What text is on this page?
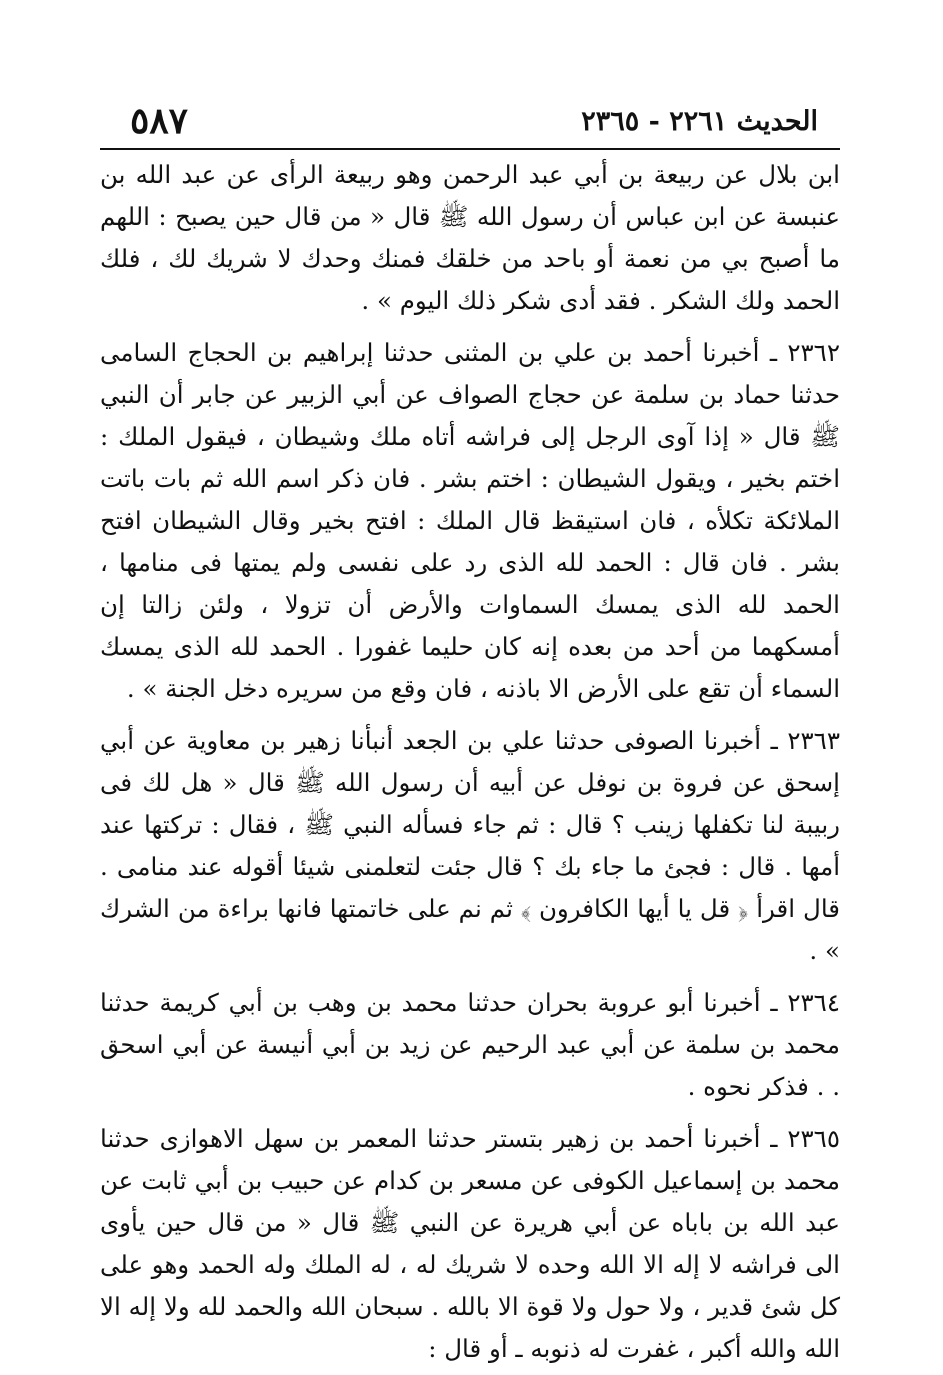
الحديث ٢٢٦١ - ٢٣٦٥
٥٨٧

ابن بلال عن ربيعة بن أبي عبد الرحمن وهو ربيعة الرأى عن عبد الله بن عنبسة عن ابن عباس أن رسول الله ﷺ قال « من قال حين يصبح : اللهم ما أصبح بي من نعمة أو باحد من خلقك فمنك وحدك لا شريك لك ، فلك الحمد ولك الشكر . فقد أدى شكر ذلك اليوم » .

٢٣٦٢ ـ أخبرنا أحمد بن علي بن المثنى حدثنا إبراهيم بن الحجاج السامى حدثنا حماد بن سلمة عن حجاج الصواف عن أبي الزبير عن جابر أن النبي ﷺ قال « إذا آوى الرجل إلى فراشه أتاه ملك وشيطان ، فيقول الملك : اختم بخير ، ويقول الشيطان : اختم بشر . فان ذكر اسم الله ثم بات باتت الملائكة تكلأه ، فان استيقظ قال الملك : افتح بخير وقال الشيطان افتح بشر . فان قال : الحمد لله الذى رد على نفسى ولم يمتها فى منامها ، الحمد لله الذى يمسك السماوات والأرض أن تزولا ، ولئن زالتا إن أمسكهما من أحد من بعده إنه كان حليما غفورا . الحمد لله الذى يمسك السماء أن تقع على الأرض الا باذنه ، فان وقع من سريره دخل الجنة » .

٢٣٦٣ ـ أخبرنا الصوفى حدثنا علي بن الجعد أنبأنا زهير بن معاوية عن أبي إسحق عن فروة بن نوفل عن أبيه أن رسول الله ﷺ قال « هل لك فى ربيبة لنا تكفلها زينب ؟ قال : ثم جاء فسأله النبي ﷺ ، فقال : تركتها عند أمها . قال : فجئ ما جاء بك ؟ قال جئت لتعلمنى شيئا أقوله عند منامى . قال اقرأ ﴿ قل يا أيها الكافرون ﴾ ثم نم على خاتمتها فانها براءة من الشرك » .

٢٣٦٤ ـ أخبرنا أبو عروبة بحران حدثنا محمد بن وهب بن أبي كريمة حدثنا محمد بن سلمة عن أبي عبد الرحيم عن زيد بن أبي أنيسة عن أبي اسحق . . فذكر نحوه .

٢٣٦٥ ـ أخبرنا أحمد بن زهير بتستر حدثنا المعمر بن سهل الاهوازى حدثنا محمد بن إسماعيل الكوفى عن مسعر بن كدام عن حبيب بن أبي ثابت عن عبد الله بن باباه عن أبي هريرة عن النبي ﷺ قال « من قال حين يأوى الى فراشه لا إله الا الله وحده لا شريك له ، له الملك وله الحمد وهو على كل شئ قدير ، ولا حول ولا قوة الا بالله . سبحان الله والحمد لله ولا إله الا الله والله أكبر ، غفرت له ذنوبه ـ أو قال :
